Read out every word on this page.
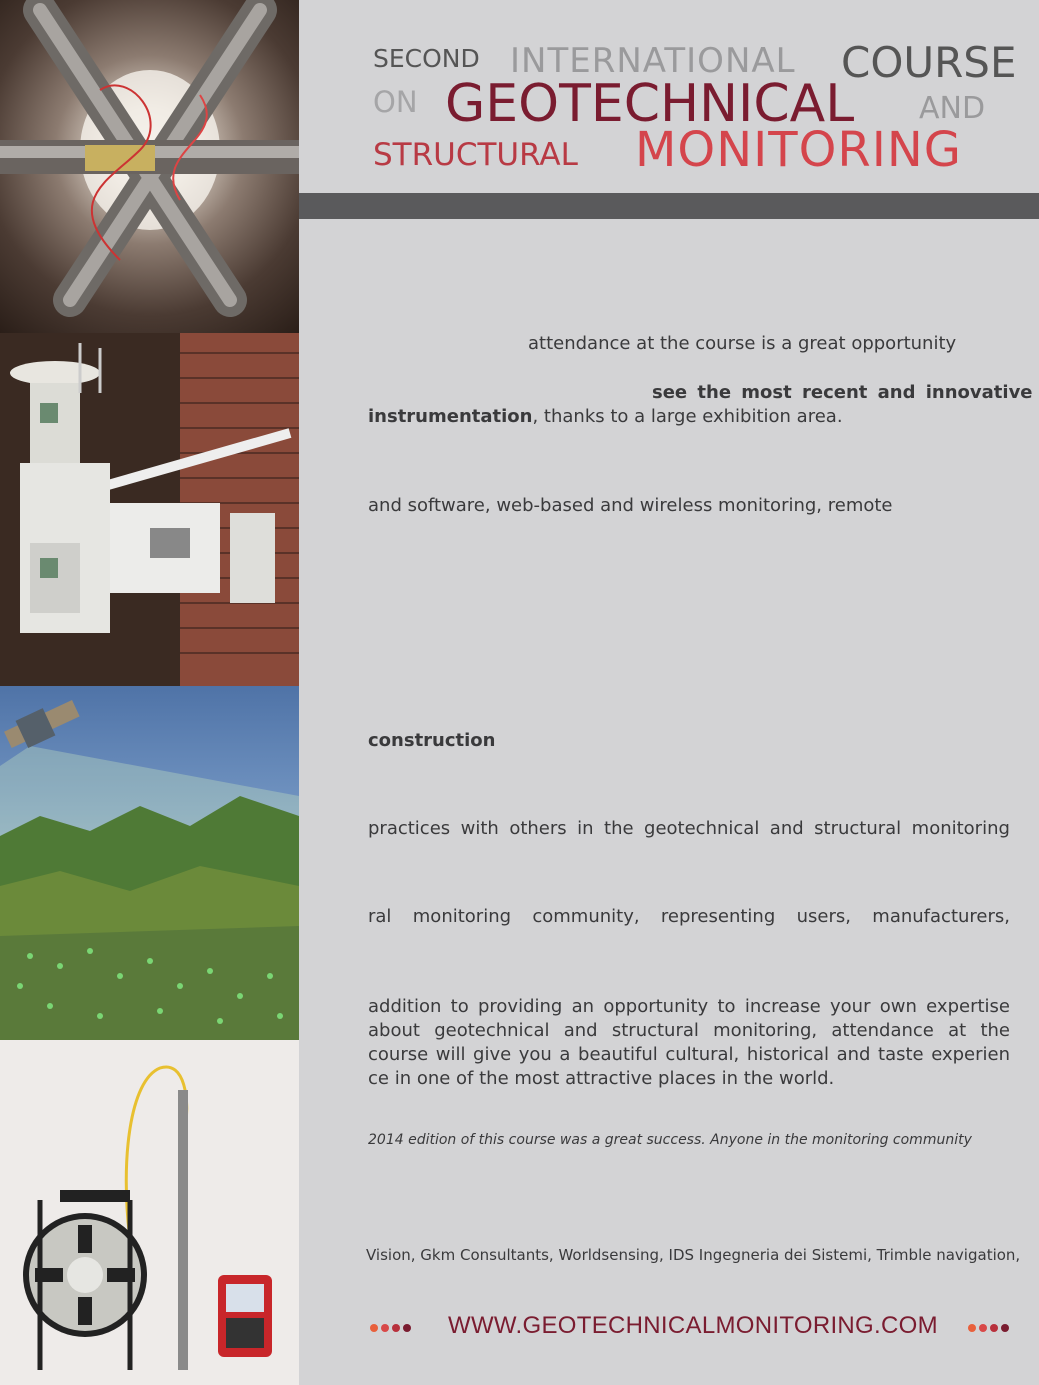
SECOND INTERNATIONAL COURSE
ON GEOTECHNICAL AND
STRUCTURAL MONITORING
attendance at the course is a great opportunity
see the most recent and innovative
instrumentation, thanks to a large exhibition area.
and software, web-based and wireless monitoring, remote
construction
practices with others in the geotechnical and structural monitoring
ral monitoring community, representing users, manufacturers,
addition to providing an opportunity to increase your own expertise about geotechnical and structural monitoring, attendance at the course will give you a beautiful cultural, historical and taste experien ce in one of the most attractive places in the world.
2014 edition of this course was a great success. Anyone in the monitoring community
Vision, Gkm Consultants, Worldsensing, IDS Ingegneria dei Sistemi, Trimble navigation,
WWW.GEOTECHNICALMONITORING.COM
